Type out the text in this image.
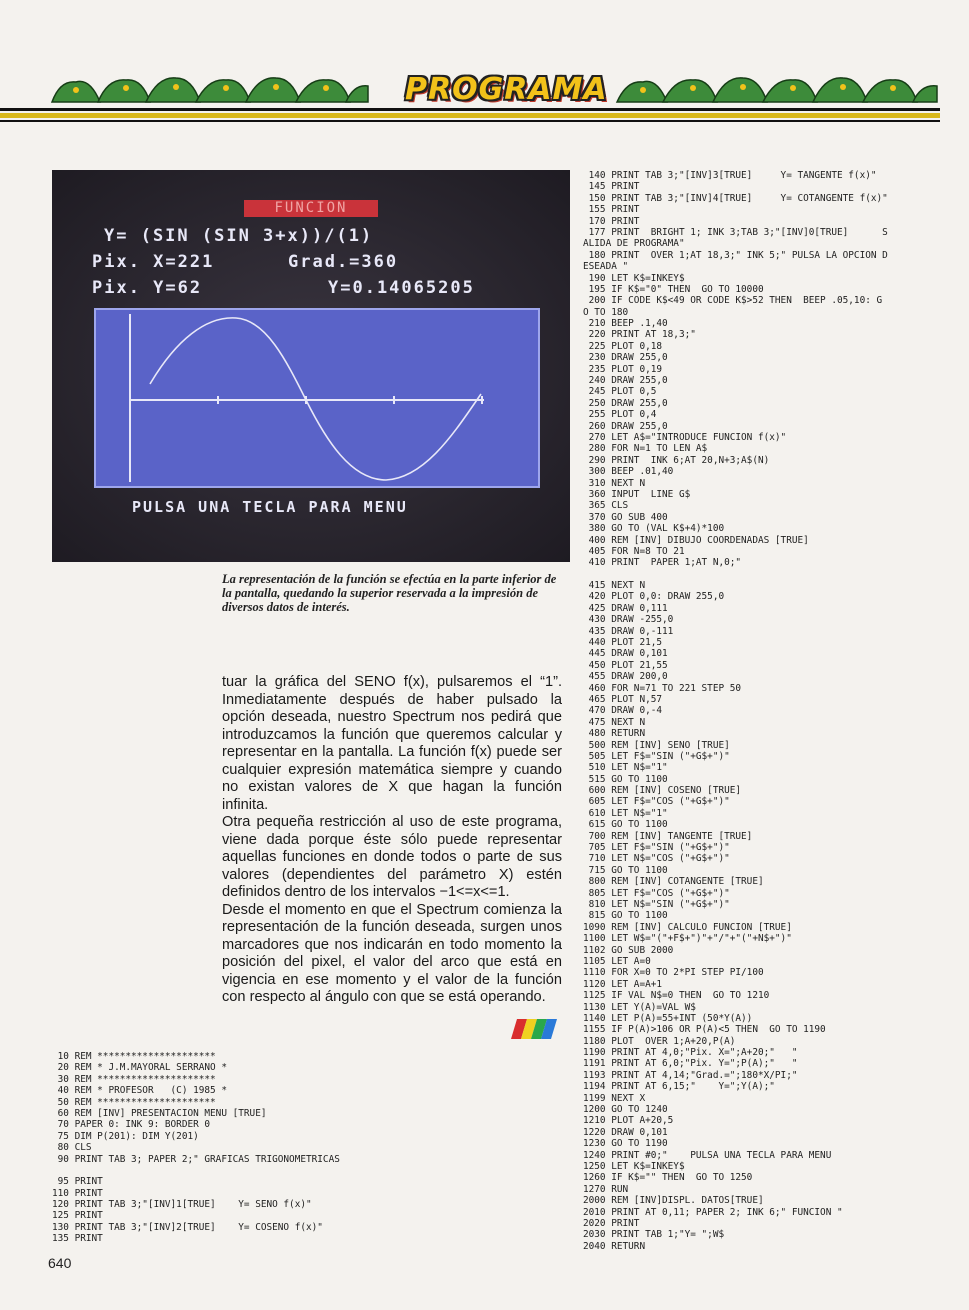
PROGRAMA
FUNCION
Y= (SIN (SIN 3+x))/(1)
Pix. X=221	Grad.=360
Pix. Y=62	Y=0.14065205
PULSA UNA TECLA PARA MENU
La representación de la función se efectúa en la parte inferior de la pantalla, quedando la superior reservada a la impresión de diversos datos de interés.

tuar la gráfica del SENO f(x), pulsaremos el “1”. Inmediatamente después de haber pulsado la opción deseada, nuestro Spectrum nos pedirá que introduzcamos la función que queremos calcular y representar en la pantalla. La función f(x) puede ser cualquier expresión matemática siempre y cuando no existan valores de X que hagan la función infinita.

Otra pequeña restricción al uso de este programa, viene dada porque éste sólo puede representar aquellas funciones en donde todos o parte de sus valores (dependientes del parámetro X) estén definidos dentro de los intervalos −1<=x<=1.

Desde el momento en que el Spectrum comienza la representación de la función deseada, surgen unos marcadores que nos indicarán en todo momento la posición del pixel, el valor del arco que está en vigencia en ese momento y el valor de la función con respecto al ángulo con que se está operando.

10 REM *********************
20 REM * J.M.MAYORAL SERRANO *
30 REM *********************
40 REM * PROFESOR   (C) 1985 *
50 REM *********************
60 REM [INV] PRESENTACION MENU [TRUE]
70 PAPER 0: INK 9: BORDER 0
75 DIM P(201): DIM Y(201)
80 CLS
90 PRINT TAB 3; PAPER 2;" GRAFICAS TRIGONOMETRICAS
95 PRINT
110 PRINT
120 PRINT TAB 3;"[INV]1[TRUE]    Y= SENO f(x)"
125 PRINT
130 PRINT TAB 3;"[INV]2[TRUE]    Y= COSENO f(x)"
135 PRINT
140 PRINT TAB 3;"[INV]3[TRUE]     Y= TANGENTE f(x)"
145 PRINT
150 PRINT TAB 3;"[INV]4[TRUE]     Y= COTANGENTE f(x)"
155 PRINT
170 PRINT
177 PRINT  BRIGHT 1; INK 3;TAB 3;"[INV]0[TRUE]      S
ALIDA DE PROGRAMA"
180 PRINT  OVER 1;AT 18,3;" INK 5;" PULSA LA OPCION D
ESEADA "
190 LET K$=INKEY$
195 IF K$="0" THEN  GO TO 10000
200 IF CODE K$<49 OR CODE K$>52 THEN  BEEP .05,10: G
O TO 180
210 BEEP .1,40
220 PRINT AT 18,3;"
225 PLOT 0,18
230 DRAW 255,0
235 PLOT 0,19
240 DRAW 255,0
245 PLOT 0,5
250 DRAW 255,0
255 PLOT 0,4
260 DRAW 255,0
270 LET A$="INTRODUCE FUNCION f(x)"
280 FOR N=1 TO LEN A$
290 PRINT  INK 6;AT 20,N+3;A$(N)
300 BEEP .01,40
310 NEXT N
360 INPUT  LINE G$
365 CLS
370 GO SUB 400
380 GO TO (VAL K$+4)*100
400 REM [INV] DIBUJO COORDENADAS [TRUE]
405 FOR N=8 TO 21
410 PRINT  PAPER 1;AT N,0;"
415 NEXT N
420 PLOT 0,0: DRAW 255,0
425 DRAW 0,111
430 DRAW -255,0
435 DRAW 0,-111
440 PLOT 21,5
445 DRAW 0,101
450 PLOT 21,55
455 DRAW 200,0
460 FOR N=71 TO 221 STEP 50
465 PLOT N,57
470 DRAW 0,-4
475 NEXT N
480 RETURN
500 REM [INV] SENO [TRUE]
505 LET F$="SIN ("+G$+")"
510 LET N$="1"
515 GO TO 1100
600 REM [INV] COSENO [TRUE]
605 LET F$="COS ("+G$+")"
610 LET N$="1"
615 GO TO 1100
700 REM [INV] TANGENTE [TRUE]
705 LET F$="SIN ("+G$+")"
710 LET N$="COS ("+G$+")"
715 GO TO 1100
800 REM [INV] COTANGENTE [TRUE]
805 LET F$="COS ("+G$+")"
810 LET N$="SIN ("+G$+")"
815 GO TO 1100
1090 REM [INV] CALCULO FUNCION [TRUE]
1100 LET W$="("+F$+")"+"/"+"("+N$+")"
1102 GO SUB 2000
1105 LET A=0
1110 FOR X=0 TO 2*PI STEP PI/100
1120 LET A=A+1
1125 IF VAL N$=0 THEN  GO TO 1210
1130 LET Y(A)=VAL W$
1140 LET P(A)=55+INT (50*Y(A))
1155 IF P(A)>106 OR P(A)<5 THEN  GO TO 1190
1180 PLOT  OVER 1;A+20,P(A)
1190 PRINT AT 4,0;"Pix. X=";A+20;"   "
1191 PRINT AT 6,0;"Pix. Y=";P(A);"   "
1193 PRINT AT 4,14;"Grad.=";180*X/PI;"
1194 PRINT AT 6,15;"    Y=";Y(A);"
1199 NEXT X
1200 GO TO 1240
1210 PLOT A+20,5
1220 DRAW 0,101
1230 GO TO 1190
1240 PRINT #0;"    PULSA UNA TECLA PARA MENU
1250 LET K$=INKEY$
1260 IF K$="" THEN  GO TO 1250
1270 RUN
2000 REM [INV]DISPL. DATOS[TRUE]
2010 PRINT AT 0,11; PAPER 2; INK 6;" FUNCION "
2020 PRINT
2030 PRINT TAB 1;"Y= ";W$
2040 RETURN
640
